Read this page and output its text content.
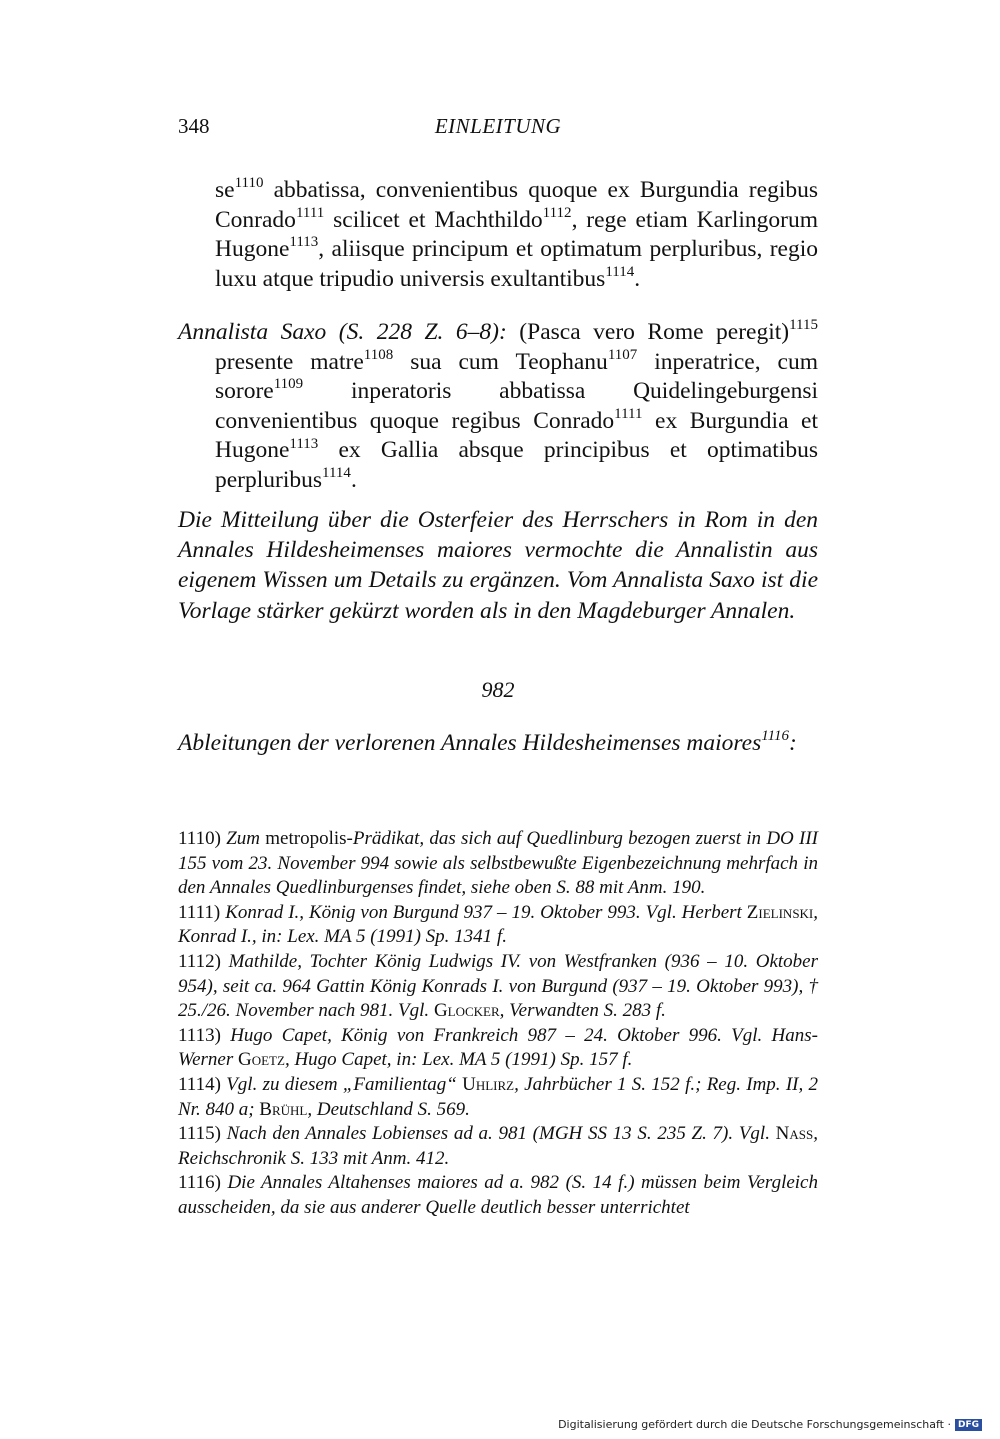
348	EINLEITUNG
$se^{1110}$ abbatissa, convenientibus quoque ex Burgundia regibus Conrado$^{1111}$ scilicet et Machthildo$^{1112}$, rege etiam Karlingorum Hugone$^{1113}$, aliisque principum et optimatum perpluribus, regio luxu atque tripudio universis exultantibus$^{1114}$.
Annalista Saxo (S. 228 Z. 6–8): (Pasca vero Rome peregit)$^{1115}$ presente matre$^{1108}$ sua cum Teophanu$^{1107}$ inperatrice, cum sorore$^{1109}$ inperatoris abbatissa Quidelingeburgensi convenientibus quoque regibus Conrado$^{1111}$ ex Burgundia et Hugone$^{1113}$ ex Gallia absque principibus et optimatibus perpluribus$^{1114}$.
Die Mitteilung über die Osterfeier des Herrschers in Rom in den Annales Hildesheimenses maiores vermochte die Annalistin aus eigenem Wissen um Details zu ergänzen. Vom Annalista Saxo ist die Vorlage stärker gekürzt worden als in den Magdeburger Annalen.
982
Ableitungen der verlorenen Annales Hildesheimenses maiores$^{1116}$:

1110) Zum metropolis-Prädikat, das sich auf Quedlinburg bezogen zuerst in DO III 155 vom 23. November 994 sowie als selbstbewußte Eigenbezeichnung mehrfach in den Annales Quedlinburgenses findet, siehe oben S. 88 mit Anm. 190.

1111) Konrad I., König von Burgund 937 – 19. Oktober 993. Vgl. Herbert Zielinski, Konrad I., in: Lex. MA 5 (1991) Sp. 1341 f.

1112) Mathilde, Tochter König Ludwigs IV. von Westfranken (936 – 10. Oktober 954), seit ca. 964 Gattin König Konrads I. von Burgund (937 – 19. Oktober 993), † 25./26. November nach 981. Vgl. Glocker, Verwandten S. 283 f.

1113) Hugo Capet, König von Frankreich 987 – 24. Oktober 996. Vgl. Hans-Werner Goetz, Hugo Capet, in: Lex. MA 5 (1991) Sp. 157 f.

1114) Vgl. zu diesem „Familientag“ Uhlirz, Jahrbücher 1 S. 152 f.; Reg. Imp. II, 2 Nr. 840 a; Brühl, Deutschland S. 569.

1115) Nach den Annales Lobienses ad a. 981 (MGH SS 13 S. 235 Z. 7). Vgl. Nass, Reichschronik S. 133 mit Anm. 412.

1116) Die Annales Altahenses maiores ad a. 982 (S. 14 f.) müssen beim Vergleich ausscheiden, da sie aus anderer Quelle deutlich besser unterrichtet

Digitalisierung gefördert durch die Deutsche Forschungsgemeinschaft · DFG
